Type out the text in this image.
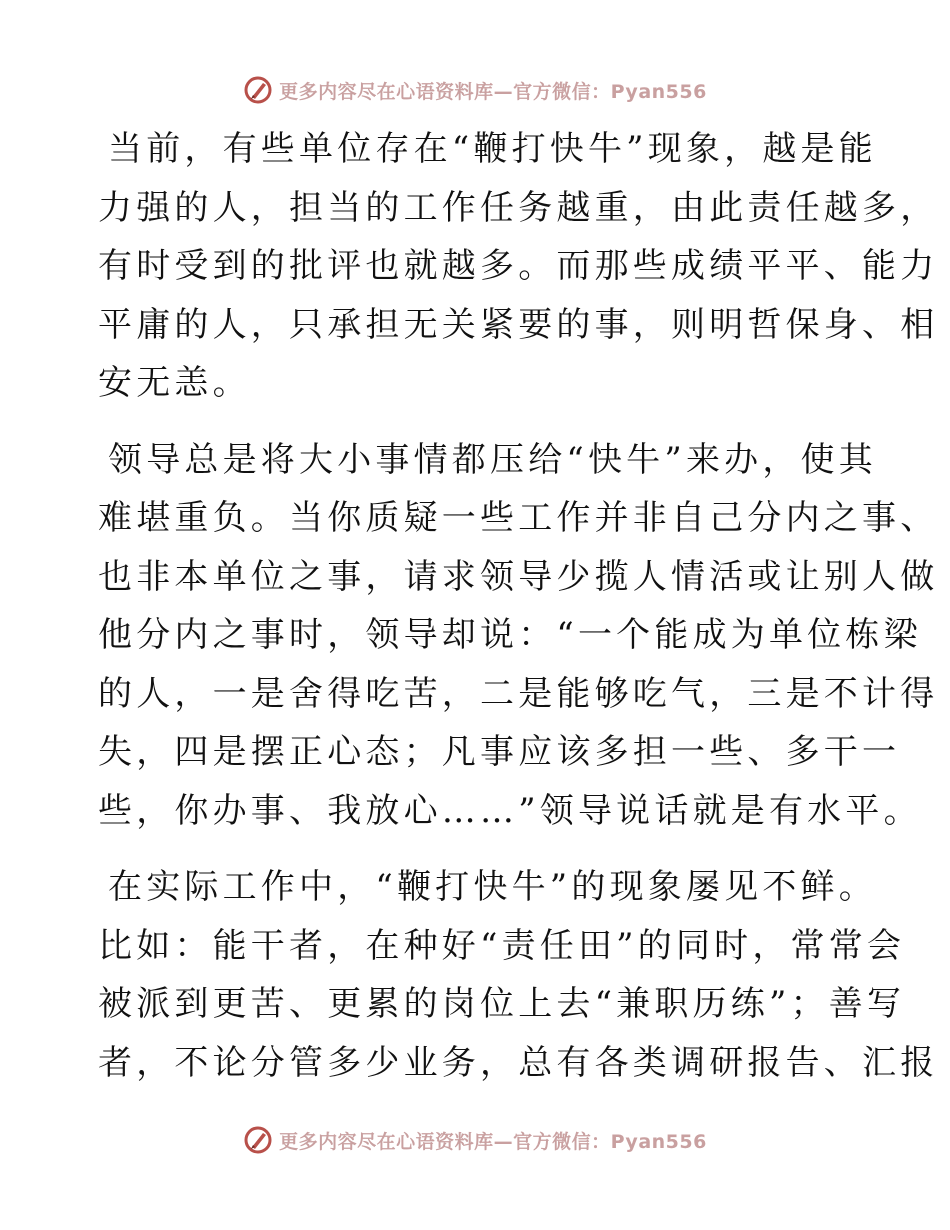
更多内容尽在心语资料库—官方微信：Pyan556

当前，有些单位存在“鞭打快牛”现象，越是能
力强的人，担当的工作任务越重，由此责任越多，
有时受到的批评也就越多。而那些成绩平平、能力
平庸的人，只承担无关紧要的事，则明哲保身、相
安无恙。

领导总是将大小事情都压给“快牛”来办，使其
难堪重负。当你质疑一些工作并非自己分内之事、
也非本单位之事，请求领导少揽人情活或让别人做
他分内之事时，领导却说：“一个能成为单位栋梁
的人，一是舍得吃苦，二是能够吃气，三是不计得
失，四是摆正心态；凡事应该多担一些、多干一
些，你办事、我放心……”领导说话就是有水平。

在实际工作中，“鞭打快牛”的现象屡见不鲜。
比如：能干者，在种好“责任田”的同时，常常会
被派到更苦、更累的岗位上去“兼职历练”；善写
者，不论分管多少业务，总有各类调研报告、汇报

更多内容尽在心语资料库—官方微信：Pyan556
